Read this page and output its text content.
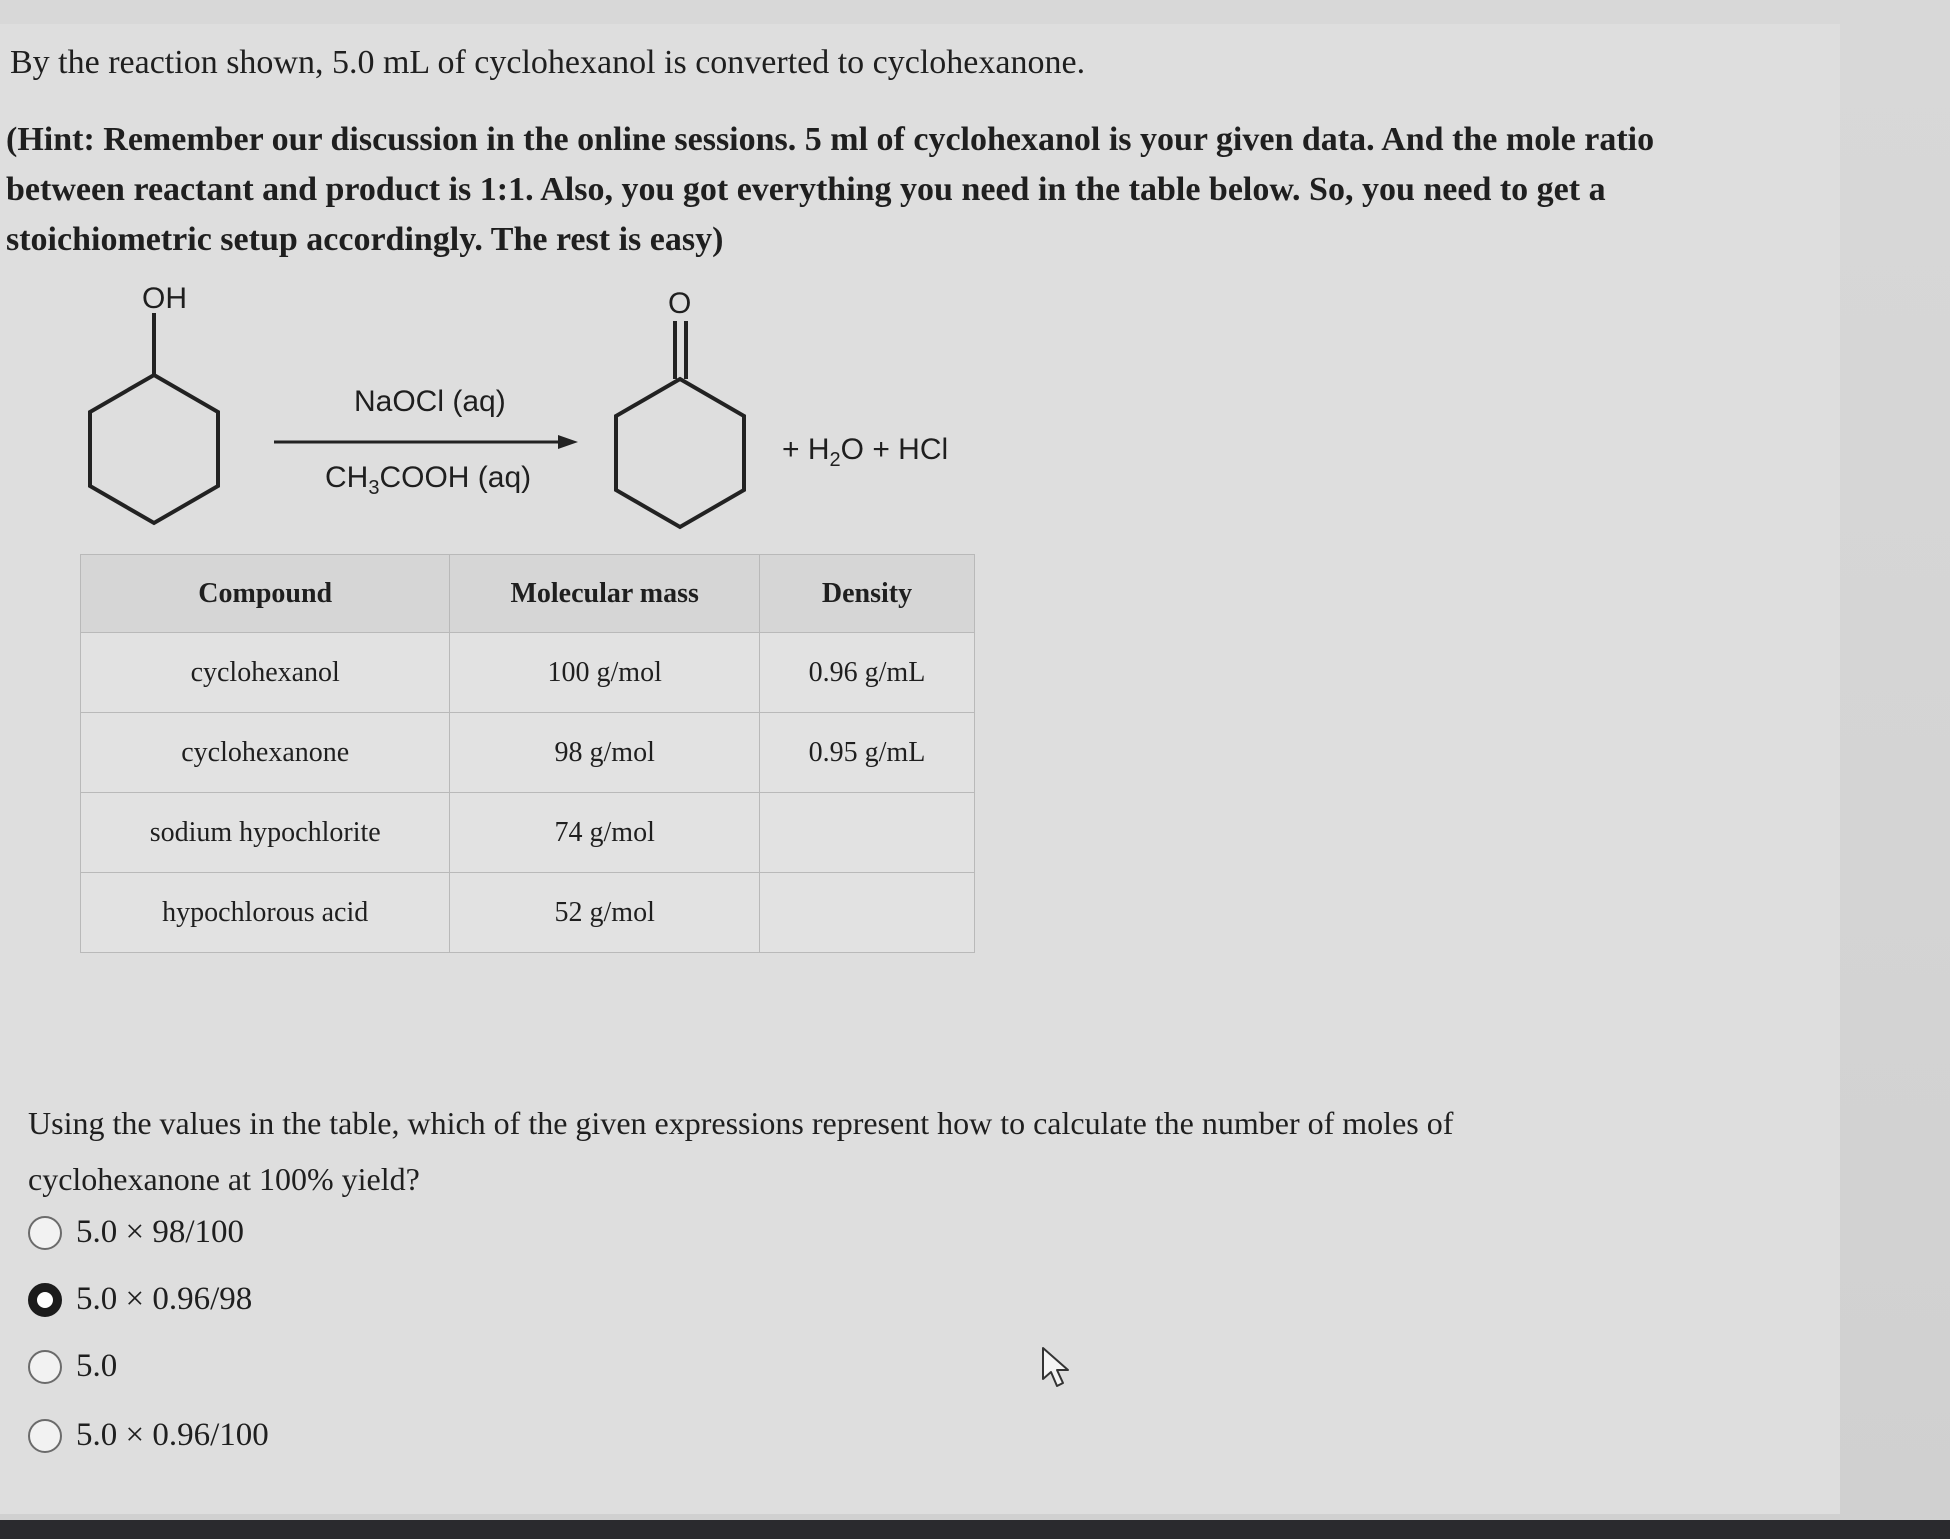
By the reaction shown, 5.0 mL of cyclohexanol is converted to cyclohexanone.
(Hint: Remember our discussion in the online sessions. 5 ml of cyclohexanol is your given data. And the mole ratio between reactant and product is 1:1. Also, you got everything you need in the table below. So, you need to get a stoichiometric setup accordingly. The rest is easy)
OH	O
NaOCl (aq)
$CH_3COOH$ (aq)
+ $H_2O$ + HCl
Compound	Molecular mass	Density
cyclohexanol	100 g/mol	0.96 g/mL
cyclohexanone	98 g/mol	0.95 g/mL
sodium hypochlorite	74 g/mol	
hypochlorous acid	52 g/mol	
Using the values in the table, which of the given expressions represent how to calculate the number of moles of cyclohexanone at 100% yield?
5.0 × 98/100
5.0 × 0.96/98
5.0
5.0 × 0.96/100
